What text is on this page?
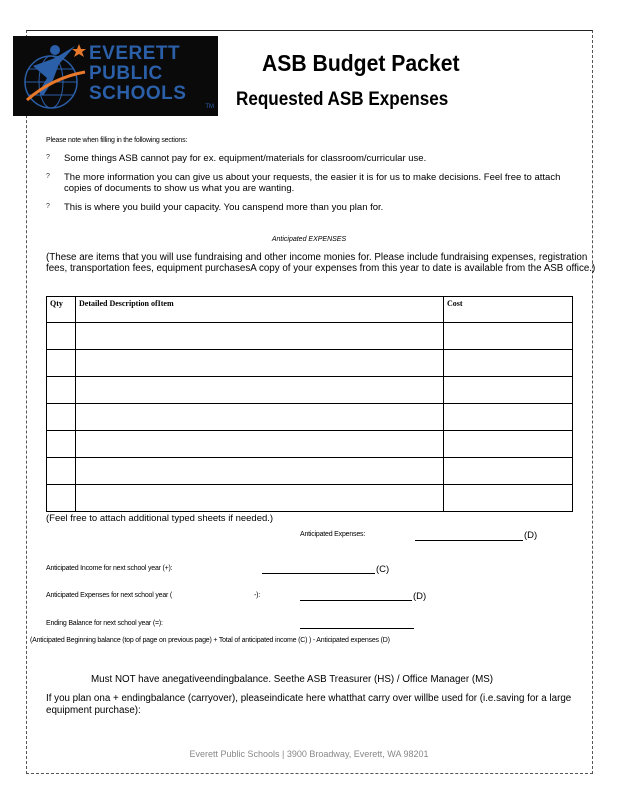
EVERETT
PUBLIC
SCHOOLS
TM
ASB Budget Packet
Requested ASB Expenses
Please note when filling in the following sections:
? Some things ASB cannot pay for ex. equipment/materials for classroom/curricular use.
? The more information you can give us about your requests, the easier it is for us to make decisions. Feel free to attach copies of documents to show us what you are wanting.
? This is where you build your capacity. You canspend more than you plan for.
Anticipated EXPENSES
(These are items that you will use fundraising and other income monies for. Please include fundraising expenses, registration fees, transportation fees, equipment purchasesA copy of your expenses from this year to date is available from the ASB office.)
Qty	Detailed Description ofItem	Cost

(Feel free to attach additional typed sheets if needed.)
Anticipated Expenses:	(D)
Anticipated Income for next school year (+):	(C)
Anticipated Expenses for next school year (	-):	(D)
Ending Balance for next school year (=):
(Anticipated Beginning balance (top of page on previous page) + Total of anticipated income (C) ) - Anticipated expenses (D)
Must NOT have anegativeendingbalance. Seethe ASB Treasurer (HS) / Office Manager (MS)
If you plan ona + endingbalance (carryover), pleaseindicate here whatthat carry over willbe used for (i.e.saving for a large equipment purchase):
Everett Public Schools | 3900 Broadway, Everett, WA 98201
